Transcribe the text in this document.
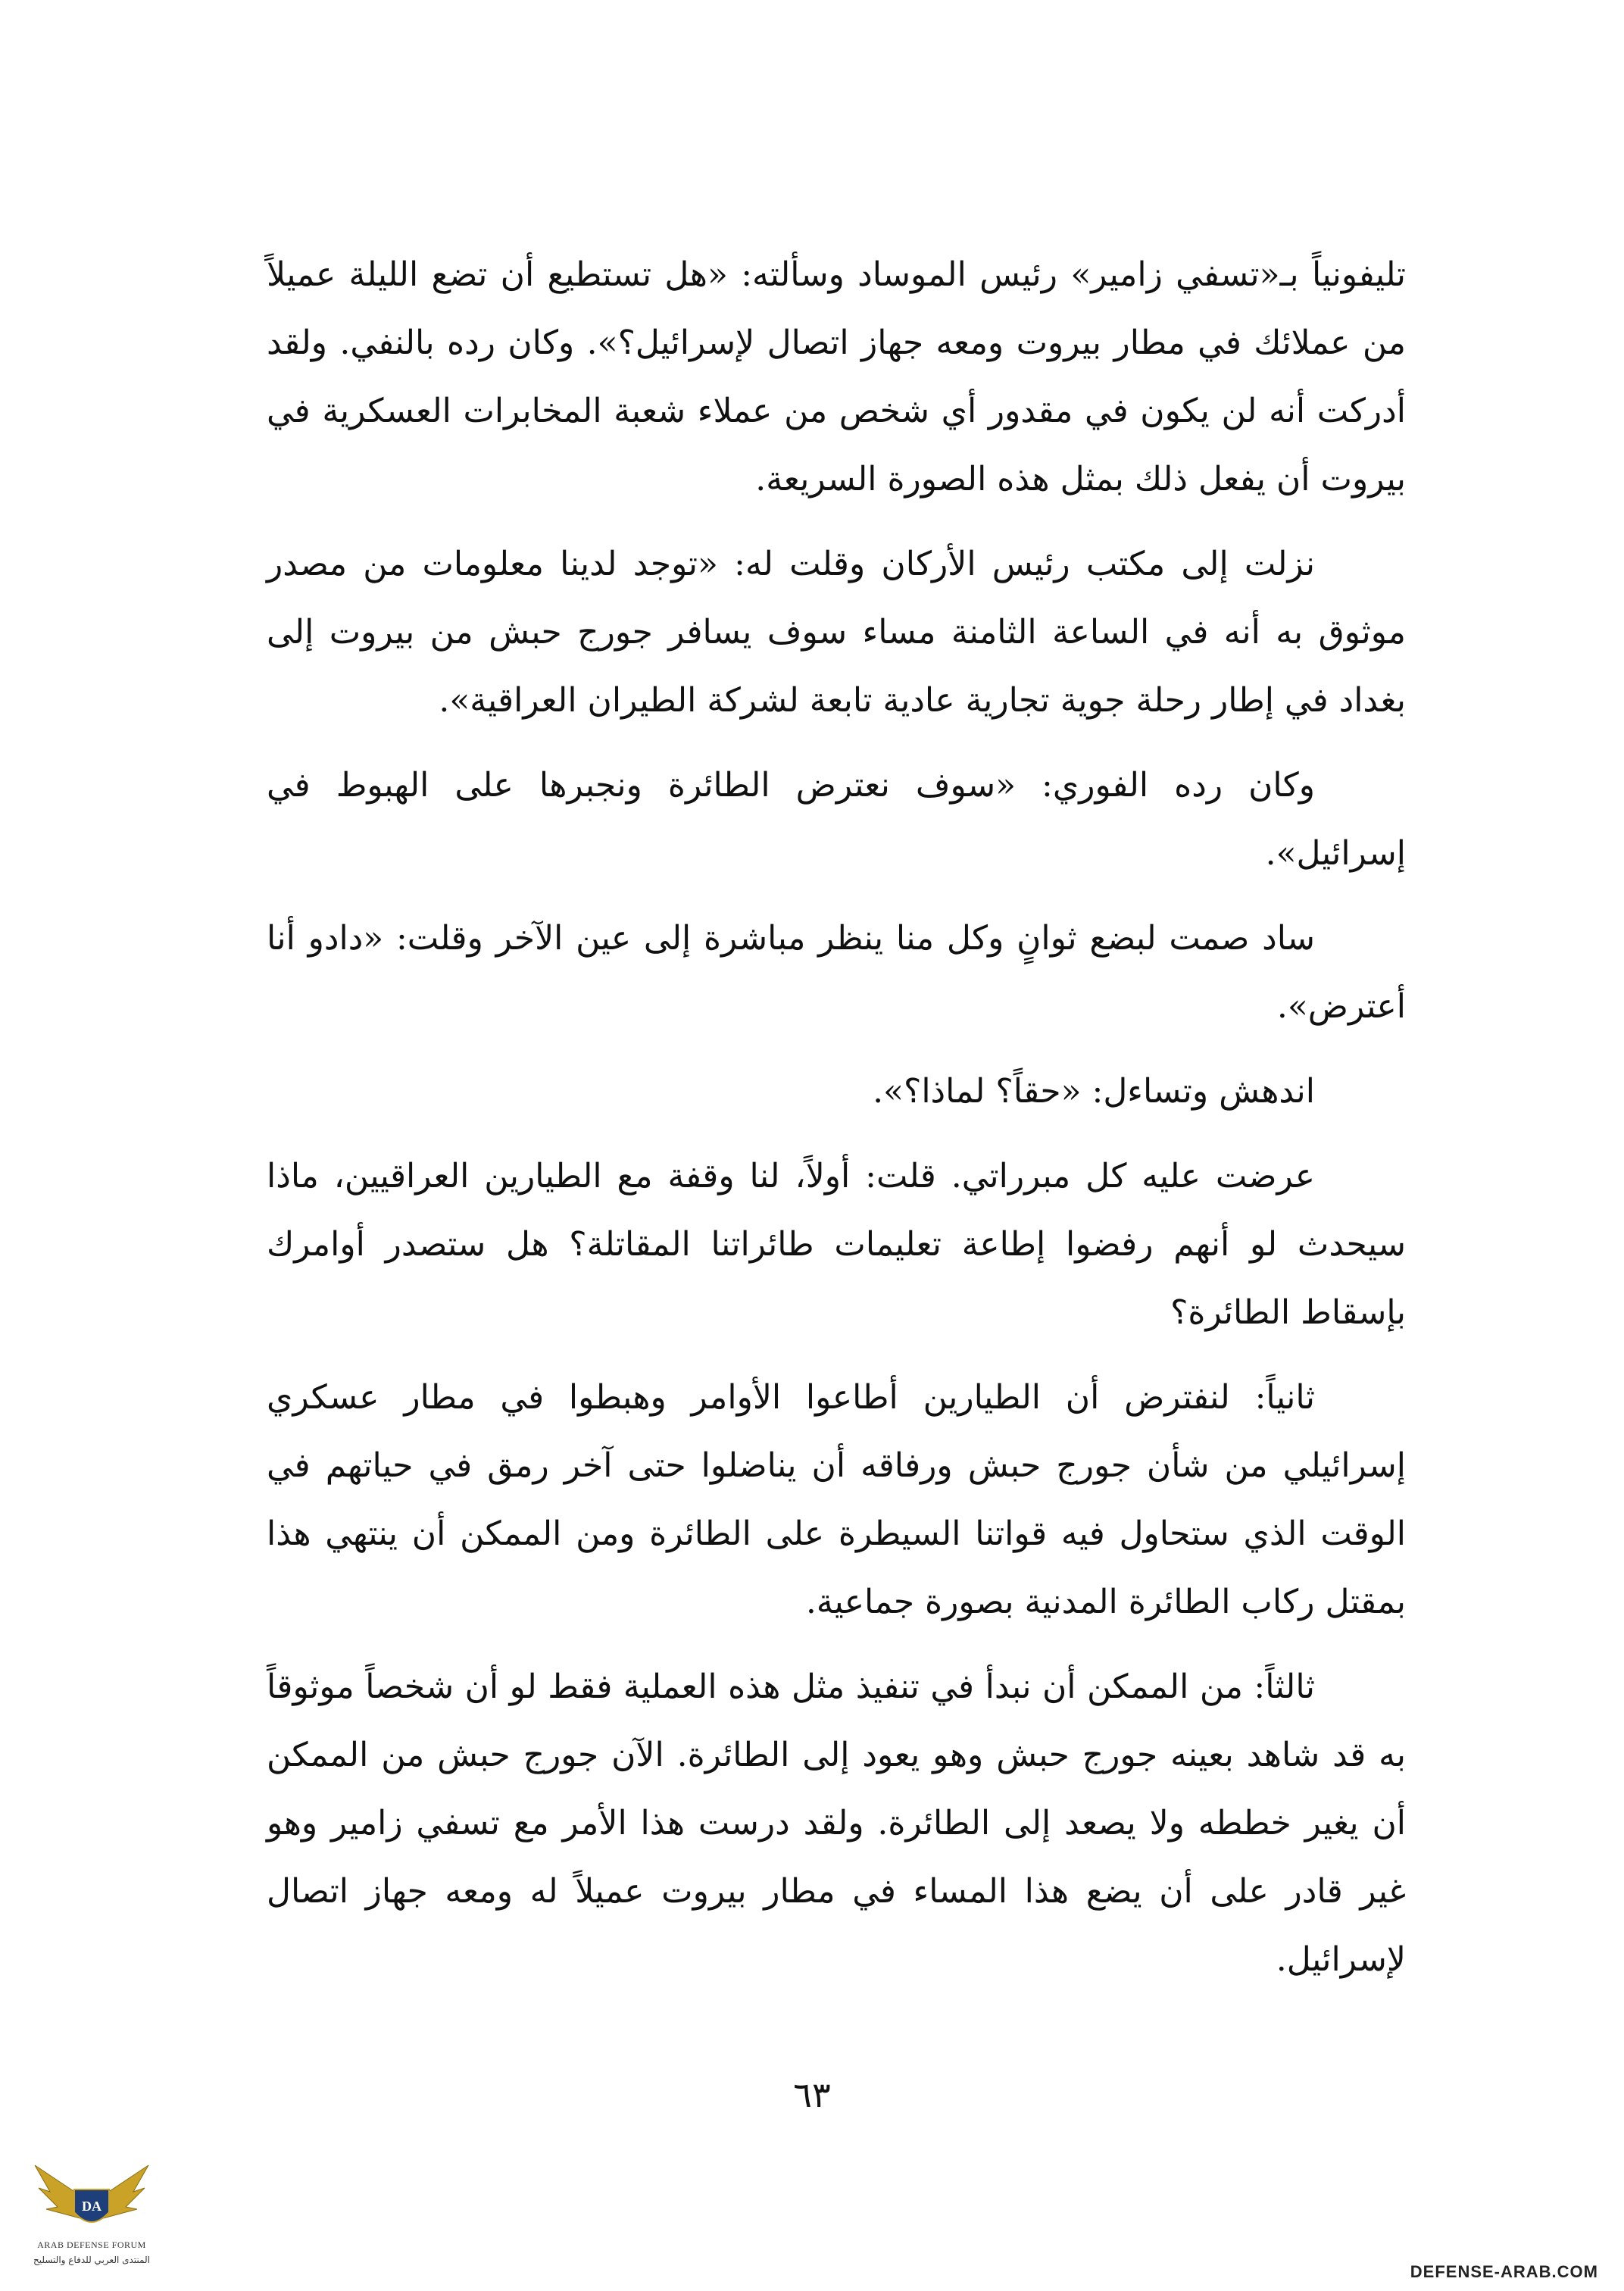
تليفونياً بـ«تسفي زامير» رئيس الموساد وسألته: «هل تستطيع أن تضع الليلة عميلاً من عملائك في مطار بيروت ومعه جهاز اتصال لإسرائيل؟». وكان رده بالنفي. ولقد أدركت أنه لن يكون في مقدور أي شخص من عملاء شعبة المخابرات العسكرية في بيروت أن يفعل ذلك بمثل هذه الصورة السريعة.

نزلت إلى مكتب رئيس الأركان وقلت له: «توجد لدينا معلومات من مصدر موثوق به أنه في الساعة الثامنة مساء سوف يسافر جورج حبش من بيروت إلى بغداد في إطار رحلة جوية تجارية عادية تابعة لشركة الطيران العراقية».

وكان رده الفوري: «سوف نعترض الطائرة ونجبرها على الهبوط في إسرائيل».

ساد صمت لبضع ثوانٍ وكل منا ينظر مباشرة إلى عين الآخر وقلت: «دادو أنا أعترض».

اندهش وتساءل: «حقاً؟ لماذا؟».

عرضت عليه كل مبرراتي. قلت: أولاً، لنا وقفة مع الطيارين العراقيين، ماذا سيحدث لو أنهم رفضوا إطاعة تعليمات طائراتنا المقاتلة؟ هل ستصدر أوامرك بإسقاط الطائرة؟

ثانياً: لنفترض أن الطيارين أطاعوا الأوامر وهبطوا في مطار عسكري إسرائيلي من شأن جورج حبش ورفاقه أن يناضلوا حتى آخر رمق في حياتهم في الوقت الذي ستحاول فيه قواتنا السيطرة على الطائرة ومن الممكن أن ينتهي هذا بمقتل ركاب الطائرة المدنية بصورة جماعية.

ثالثاً: من الممكن أن نبدأ في تنفيذ مثل هذه العملية فقط لو أن شخصاً موثوقاً به قد شاهد بعينه جورج حبش وهو يعود إلى الطائرة. الآن جورج حبش من الممكن أن يغير خططه ولا يصعد إلى الطائرة. ولقد درست هذا الأمر مع تسفي زامير وهو غير قادر على أن يضع هذا المساء في مطار بيروت عميلاً له ومعه جهاز اتصال لإسرائيل.

٦٣
DA
ARAB DEFENSE FORUM
المنتدى العربي للدفاع والتسليح
DEFENSE-ARAB.COM
